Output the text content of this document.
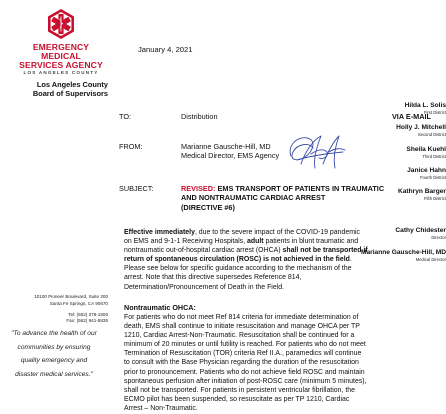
EMERGENCY MEDICAL
SERVICES AGENCY
LOS ANGELES COUNTY
Los Angeles County
Board of Supervisors
Hilda L. Solis
First District
Holly J. Mitchell
Second District
Sheila Kuehl
Third District
Janice Hahn
Fourth District
Kathryn Barger
Fifth District
Cathy Chidester
Director
Marianne Gausche-Hill, MD
Medical Director
10100 Pioneer Boulevard, Suite 200
Santa Fe Springs, CA 90670
Tel: (562) 378-1500
Fax: (562) 941-5835
"To advance the health of our
communities by ensuring
quality emergency and
disaster medical services."
January 4, 2021
TO:	Distribution	VIA E-MAIL
FROM:	Marianne Gausche-Hill, MD
Medical Director, EMS Agency
SUBJECT:	REVISED: EMS TRANSPORT OF PATIENTS IN TRAUMATIC
AND NONTRAUMATIC CARDIAC ARREST
(DIRECTIVE #6)
Effective immediately, due to the severe impact of the COVID-19 pandemic
on EMS and 9-1-1 Receiving Hospitals, adult patients in blunt traumatic and
nontraumatic out-of-hospital cardiac arrest (OHCA) shall not be transported if
return of spontaneous circulation (ROSC) is not achieved in the field.
Please see below for specific guidance according to the mechanism of the
arrest. Note that this directive supersedes Reference 814,
Determination/Pronouncement of Death in the Field.
Nontraumatic OHCA:
For patients who do not meet Ref 814 criteria for immediate determination of
death, EMS shall continue to initiate resuscitation and manage OHCA per TP
1210, Cardiac Arrest-Non-Traumatic. Resuscitation shall be continued for a
minimum of 20 minutes or until futility is reached. For patients who do not meet
Termination of Resuscitation (TOR) criteria Ref II.A., paramedics will continue
to consult with the Base Physician regarding the duration of the resuscitation
prior to pronouncement. Patients who do not achieve field ROSC and maintain
spontaneous perfusion after initiation of post-ROSC care (minimum 5 minutes),
shall not be transported. For patients in persistent ventricular fibrillation, the
ECMO pilot has been suspended, so resuscitate as per TP 1210, Cardiac
Arrest – Non-Traumatic.
